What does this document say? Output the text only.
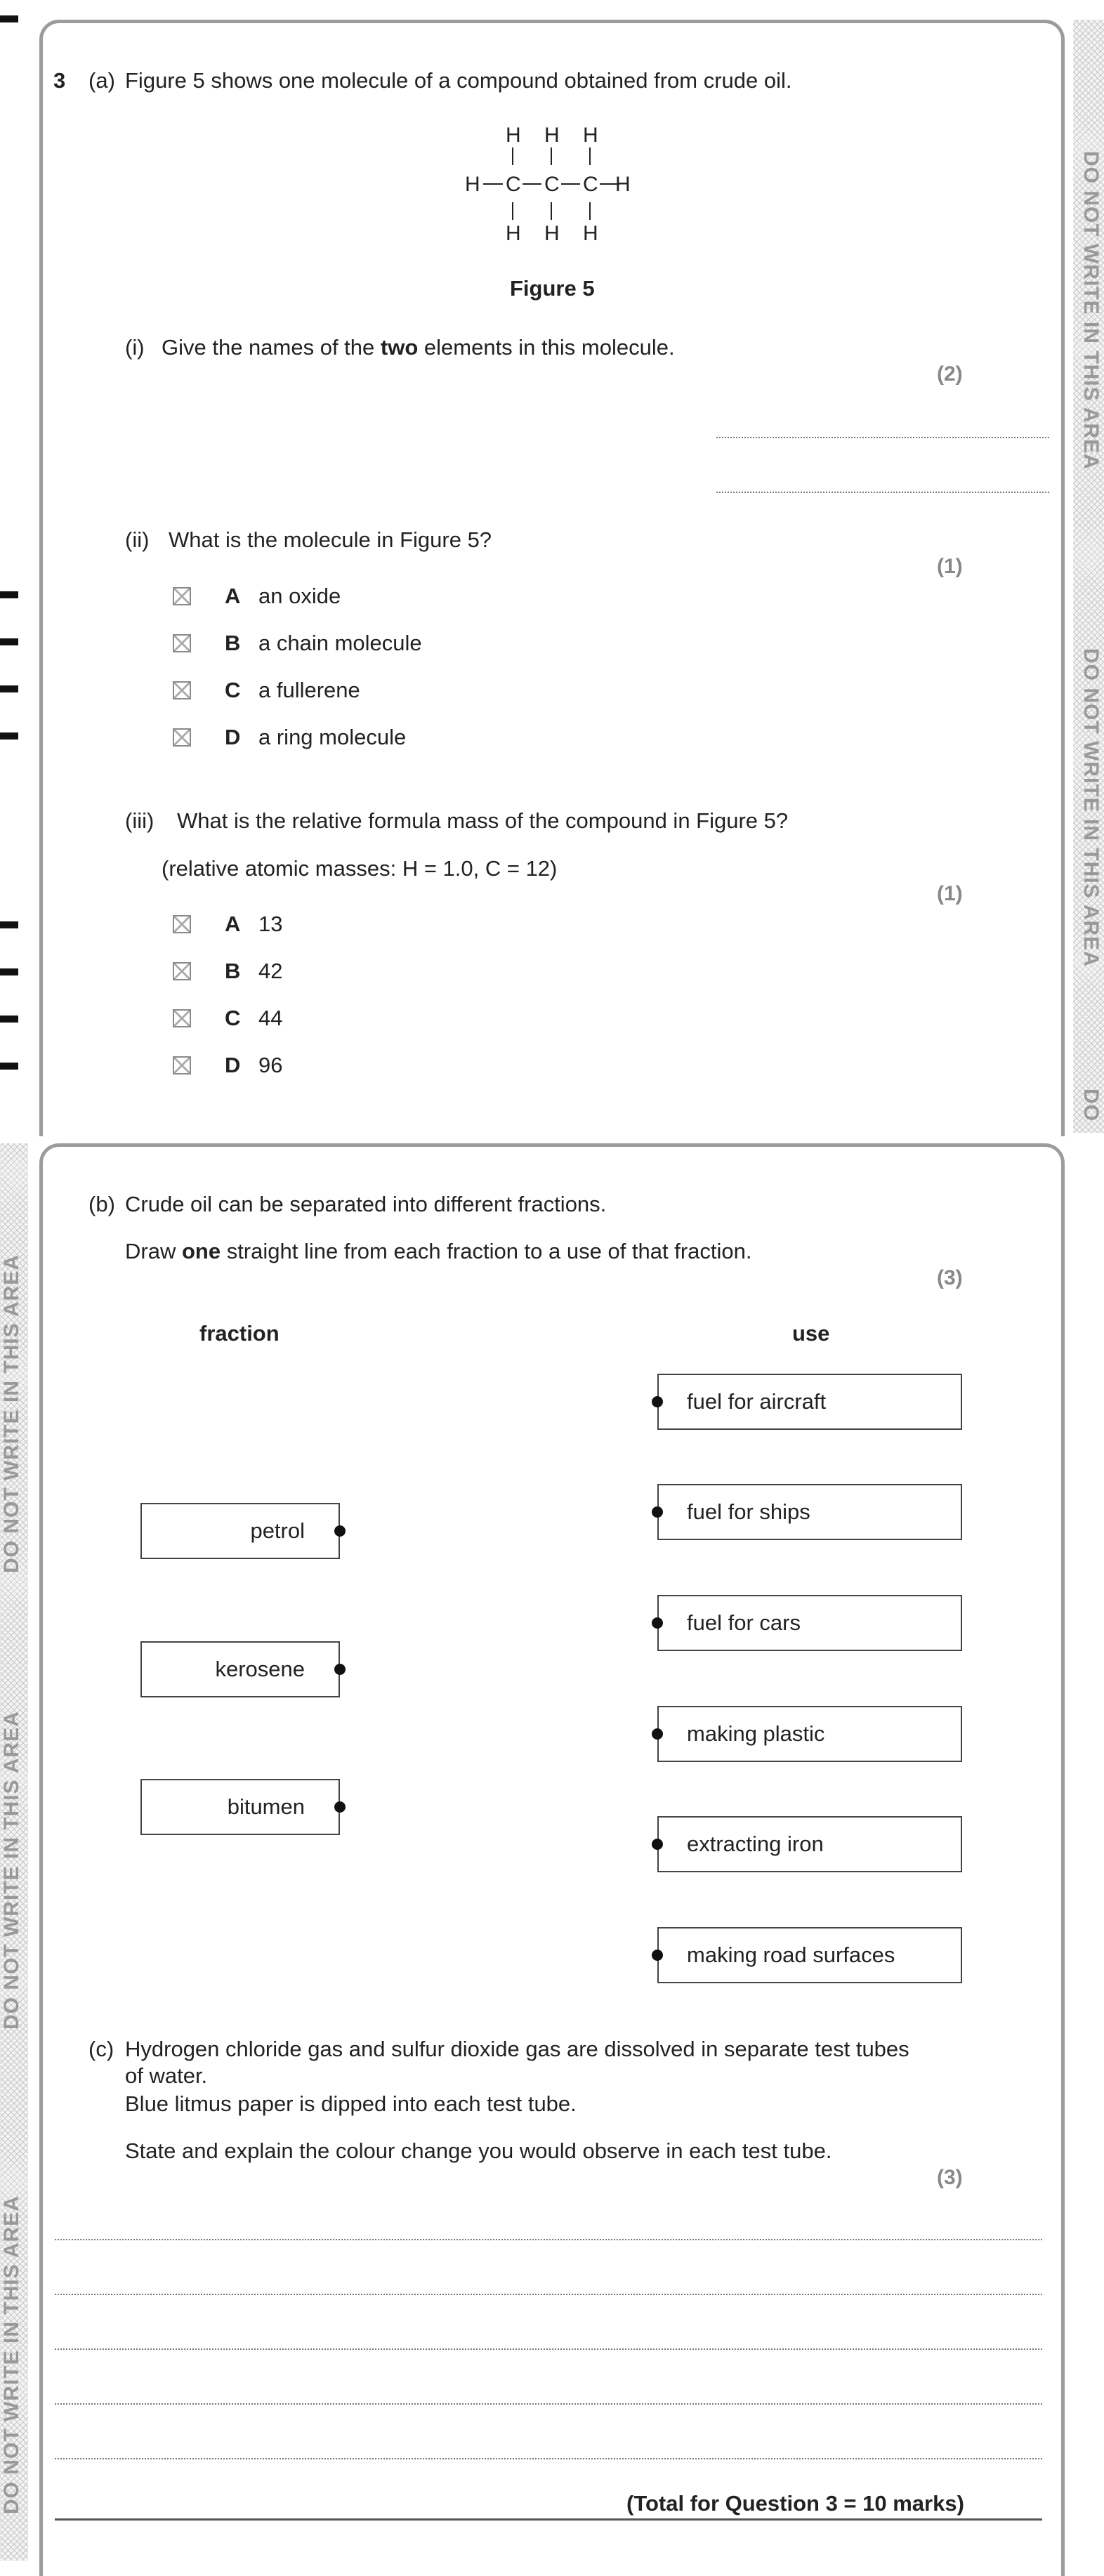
DO NOT WRITE IN THIS AREA
DO NOT WRITE IN THIS AREA
DO
DO NOT WRITE IN THIS AREA
DO NOT WRITE IN THIS AREA
DO NOT WRITE IN THIS AREA
3 (a) Figure 5 shows one molecule of a compound obtained from crude oil.
H H H
H C C C H
H H H
Figure 5
(i) Give the names of the two elements in this molecule.
(2)
(ii) What is the molecule in Figure 5?
(1)
A an oxide
B a chain molecule
C a fullerene
D a ring molecule
(iii) What is the relative formula mass of the compound in Figure 5?
(relative atomic masses: H = 1.0, C = 12)
(1)
A 13
B 42
C 44
D 96
(b) Crude oil can be separated into different fractions.
Draw one straight line from each fraction to a use of that fraction.
(3)
fraction	use
petrol
kerosene
bitumen
fuel for aircraft
fuel for ships
fuel for cars
making plastic
extracting iron
making road surfaces
(c) Hydrogen chloride gas and sulfur dioxide gas are dissolved in separate test tubes
of water.
Blue litmus paper is dipped into each test tube.
State and explain the colour change you would observe in each test tube.
(3)
(Total for Question 3 = 10 marks)
